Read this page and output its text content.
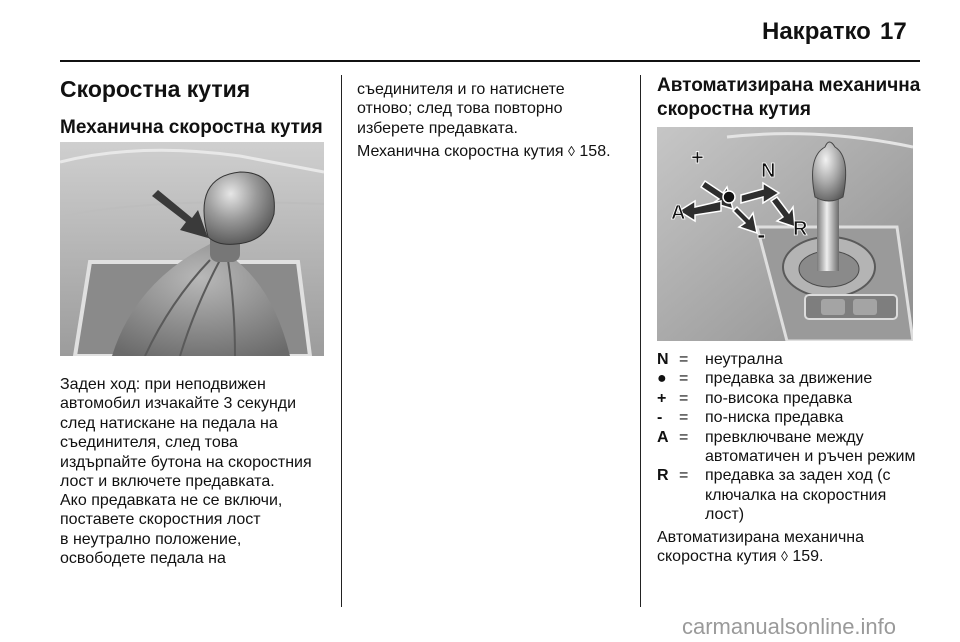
Накратко 17
Скоростна кутия
Механична скоростна кутия
Заден ход: при неподвижен
автомобил изчакайте 3 секунди
след натискане на педала на
съединителя, след това
издърпайте бутона на скоростния
лост и включете предавката.
Ако предавката не се включи,
поставете скоростния лост
в неутрално положение,
освободете педала на
съединителя и го натиснете
отново; след това повторно
изберете предавката.
Механична скоростна кутия ◊ 158.
Автоматизирана механична
скоростна кутия
+
N
A
R
-
N =	неутрална
● =	предавка за движение
+ =	по-висока предавка
-	=	по-ниска предавка
A =	превключване между
автоматичен и ръчен режим
R =	предавка за заден ход (с
ключалка на скоростния
лост)
Автоматизирана механична
скоростна кутия ◊ 159.
carmanualsonline.info
